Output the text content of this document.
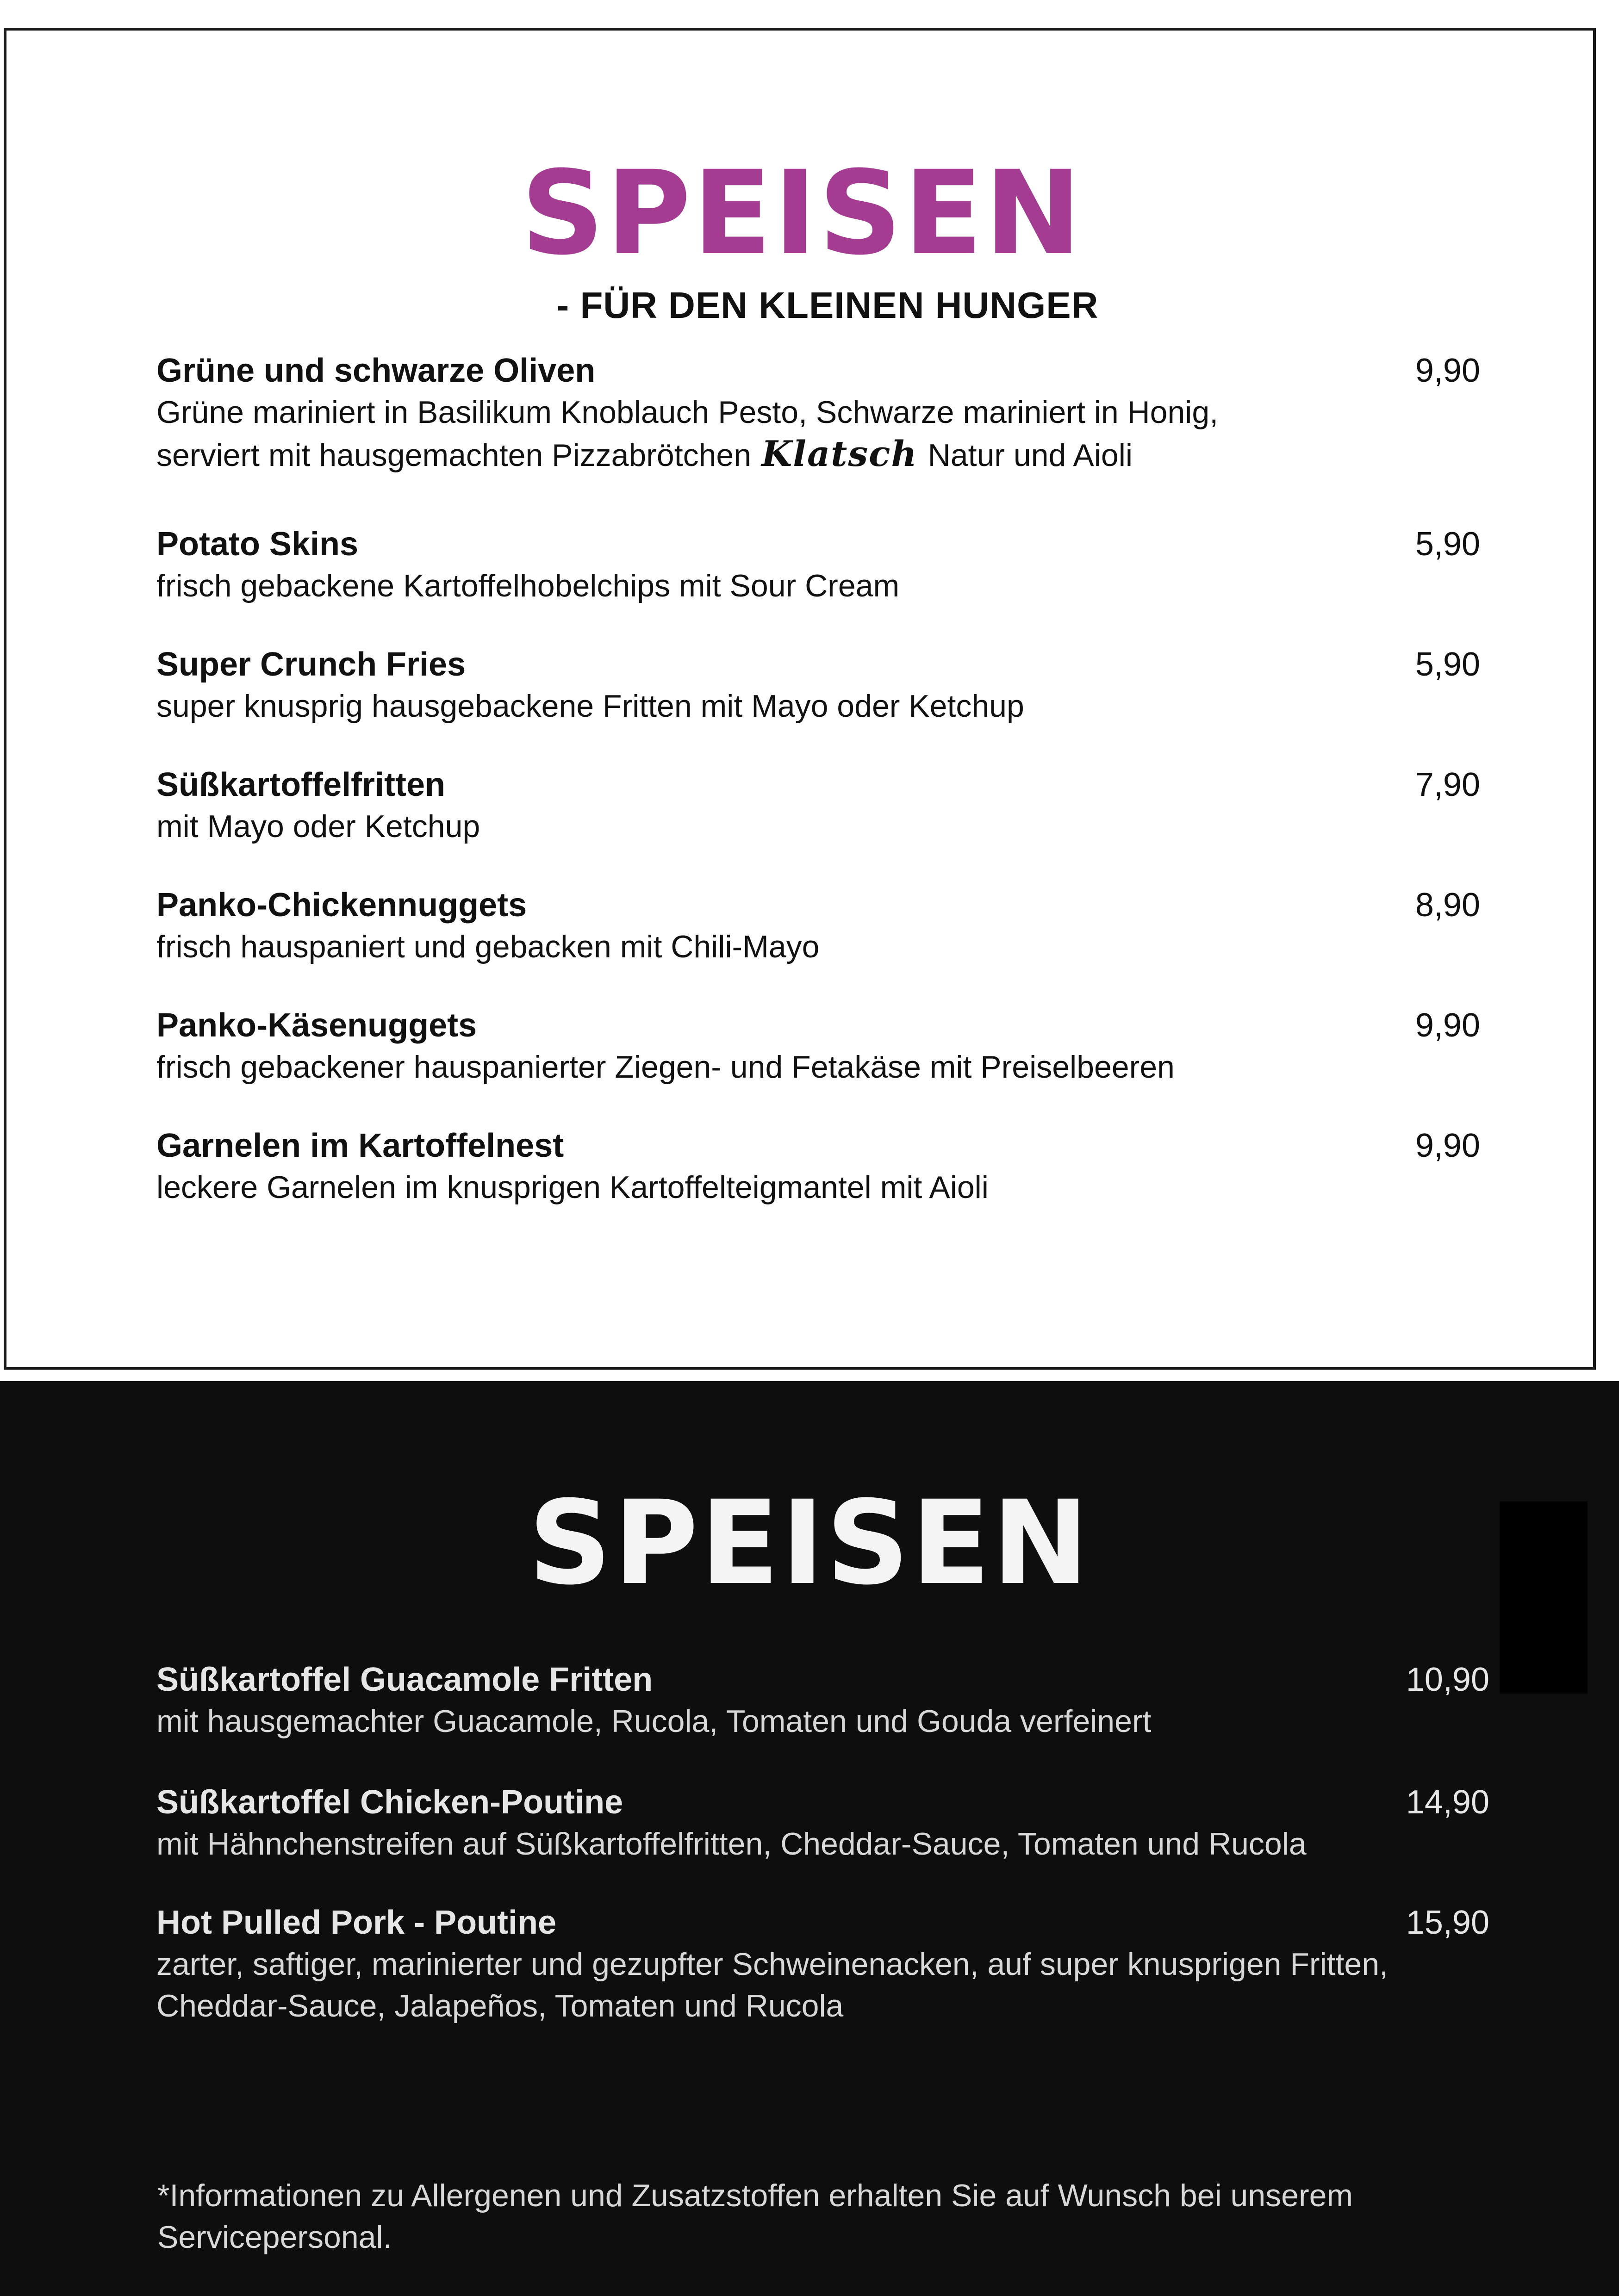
SPEISEN
- FÜR DEN KLEINEN HUNGER

Grüne und schwarze Oliven	9,90

Grüne mariniert in Basilikum Knoblauch Pesto, Schwarze mariniert in Honig,

serviert mit hausgemachten Pizzabrötchen Klatsch Natur und Aioli

Potato Skins	5,90

frisch gebackene Kartoffelhobelchips mit Sour Cream

Super Crunch Fries	5,90

super knusprig hausgebackene Fritten mit Mayo oder Ketchup

Süßkartoffelfritten	7,90

mit Mayo oder Ketchup

Panko-Chickennuggets	8,90

frisch hauspaniert und gebacken mit Chili-Mayo

Panko-Käsenuggets	9,90

frisch gebackener hauspanierter Ziegen- und Fetakäse mit Preiselbeeren

Garnelen im Kartoffelnest	9,90

leckere Garnelen im knusprigen Kartoffelteigmantel mit Aioli

SPEISEN

Süßkartoffel Guacamole Fritten	10,90

mit hausgemachter Guacamole, Rucola, Tomaten und Gouda verfeinert

Süßkartoffel Chicken-Poutine	14,90

mit Hähnchenstreifen auf Süßkartoffelfritten, Cheddar-Sauce, Tomaten und Rucola

Hot Pulled Pork - Poutine	15,90

zarter, saftiger, marinierter und gezupfter Schweinenacken, auf super knusprigen Fritten,
Cheddar-Sauce, Jalapeños, Tomaten und Rucola

*Informationen zu Allergenen und Zusatzstoffen erhalten Sie auf Wunsch bei unserem Servicepersonal.
